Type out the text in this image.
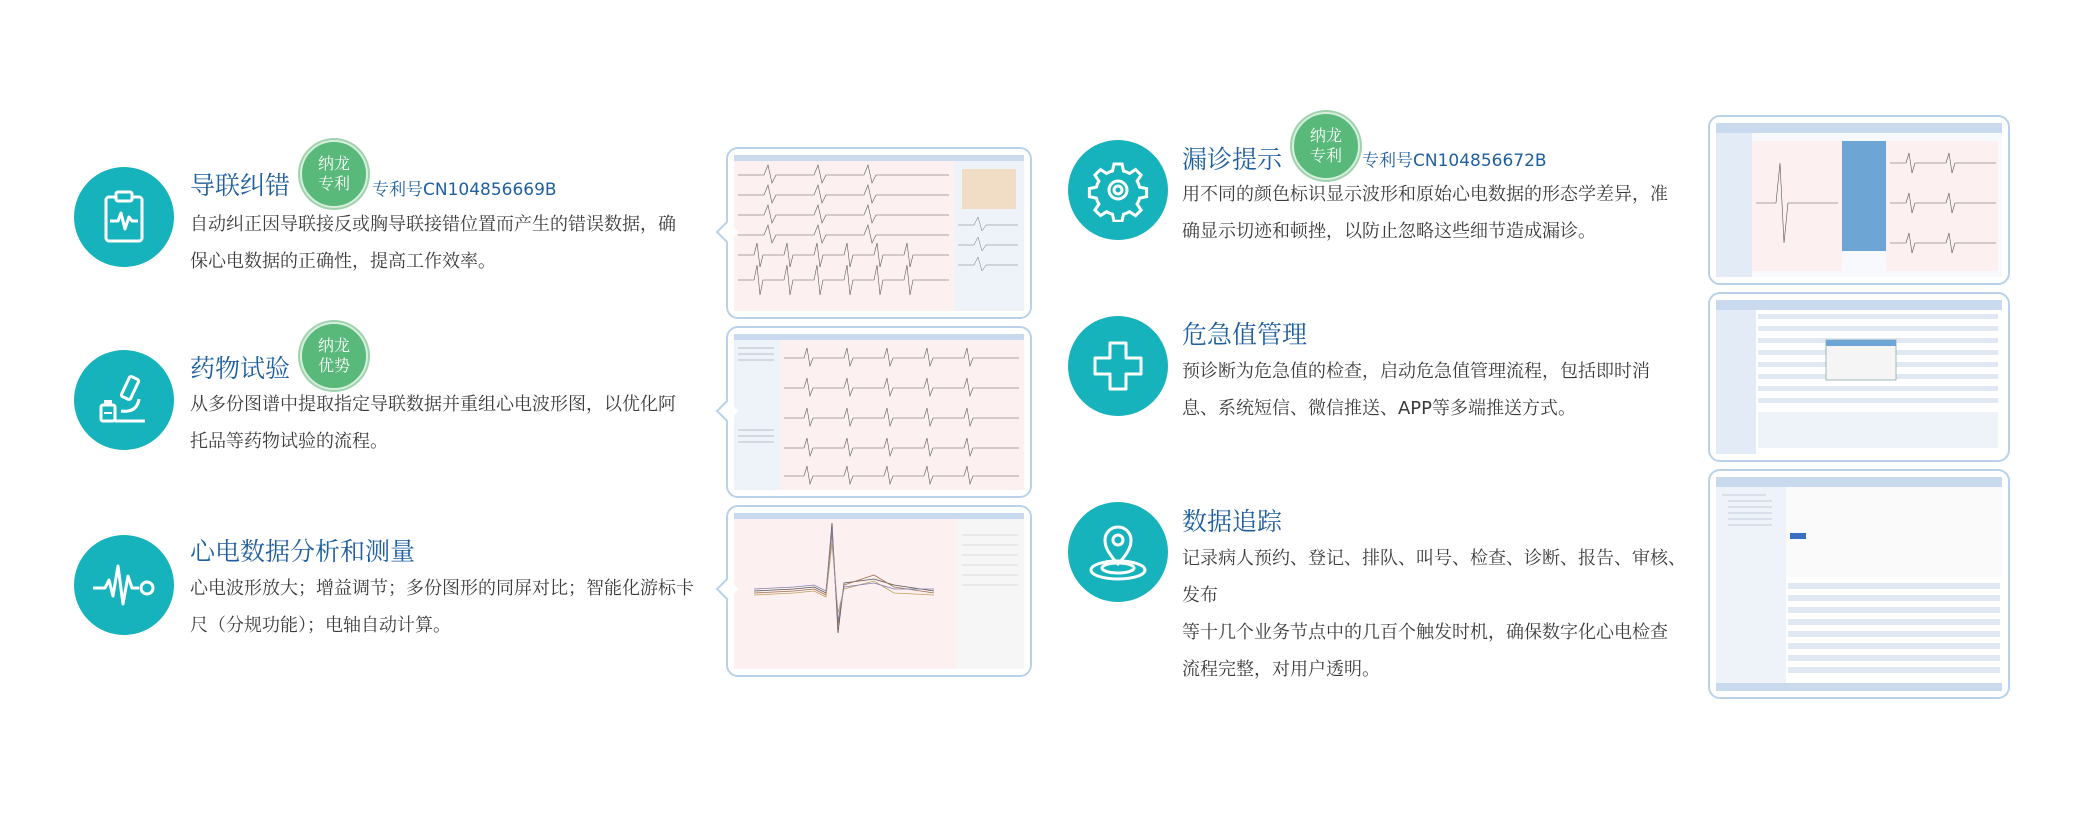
导联纠错
纳龙
专利 专利号CN104856669B
自动纠正因导联接反或胸导联接错位置而产生的错误数据，确
保心电数据的正确性，提高工作效率。
药物试验
纳龙
优势
从多份图谱中提取指定导联数据并重组心电波形图，以优化阿
托品等药物试验的流程。
心电数据分析和测量
心电波形放大；增益调节；多份图形的同屏对比；智能化游标卡
尺（分规功能）；电轴自动计算。
漏诊提示
纳龙
专利 专利号CN104856672B
用不同的颜色标识显示波形和原始心电数据的形态学差异，准
确显示切迹和顿挫，以防止忽略这些细节造成漏诊。
危急值管理
预诊断为危急值的检查，启动危急值管理流程，包括即时消
息、系统短信、微信推送、APP等多端推送方式。
数据追踪
记录病人预约、登记、排队、叫号、检查、诊断、报告、审核、发布
等十几个业务节点中的几百个触发时机，确保数字化心电检查
流程完整，对用户透明。
